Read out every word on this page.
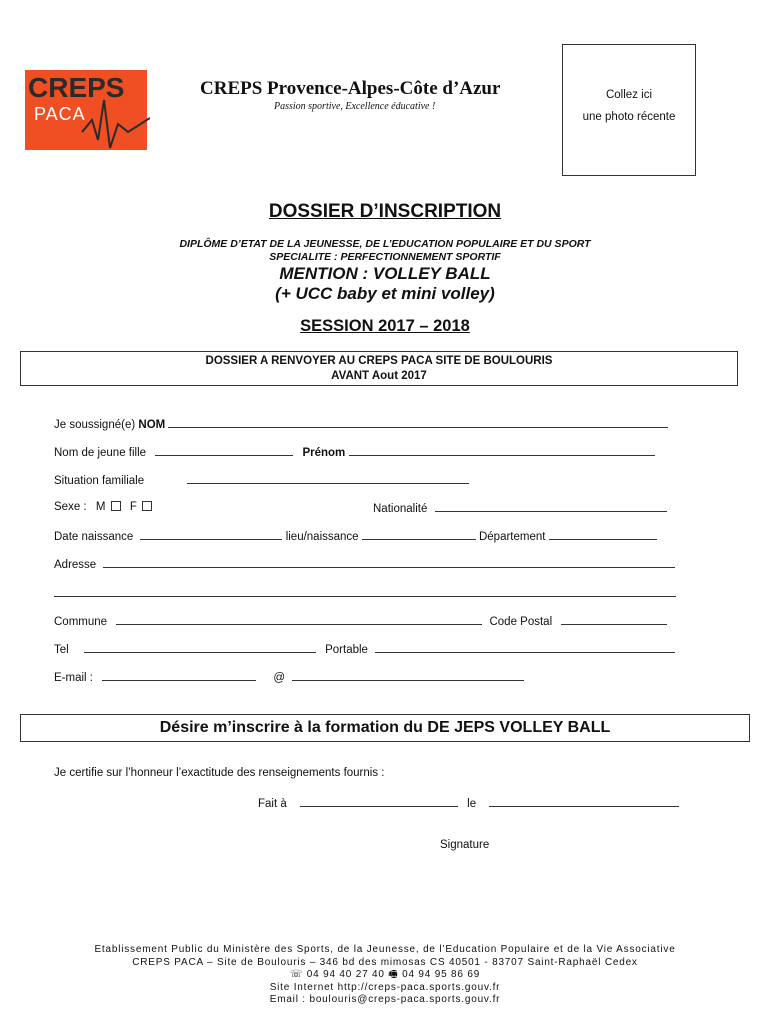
CREPS
PACA
CREPS Provence-Alpes-Côte d’Azur
Passion sportive, Excellence éducative !
Collez ici
une photo récente
DOSSIER D’INSCRIPTION
DIPLÔME D’ETAT DE LA JEUNESSE, DE L’EDUCATION POPULAIRE ET DU SPORT
SPECIALITE : PERFECTIONNEMENT SPORTIF
MENTION : VOLLEY BALL
(+ UCC baby et mini volley)
SESSION 2017 – 2018
DOSSIER A RENVOYER AU CREPS PACA SITE DE BOULOURIS
AVANT Aout 2017
Je soussigné(e) NOM
Nom de jeune fille	Prénom
Situation familiale
Sexe : M F	Nationalité
Date naissance	lieu/naissance	Département
Adresse
Commune	Code Postal
Tel	Portable
E-mail :	@
Désire m’inscrire à la formation du DE JEPS VOLLEY BALL
Je certifie sur l’honneur l’exactitude des renseignements fournis :
Fait à	le
Signature
Etablissement Public du Ministère des Sports, de la Jeunesse, de l’Education Populaire et de la Vie Associative
CREPS PACA – Site de Boulouris – 346 bd des mimosas CS 40501 - 83707 Saint-Raphaël Cedex
☏ 04 94 40 27 40 🖷 04 94 95 86 69
Site Internet http://creps-paca.sports.gouv.fr
Email : boulouris@creps-paca.sports.gouv.fr
